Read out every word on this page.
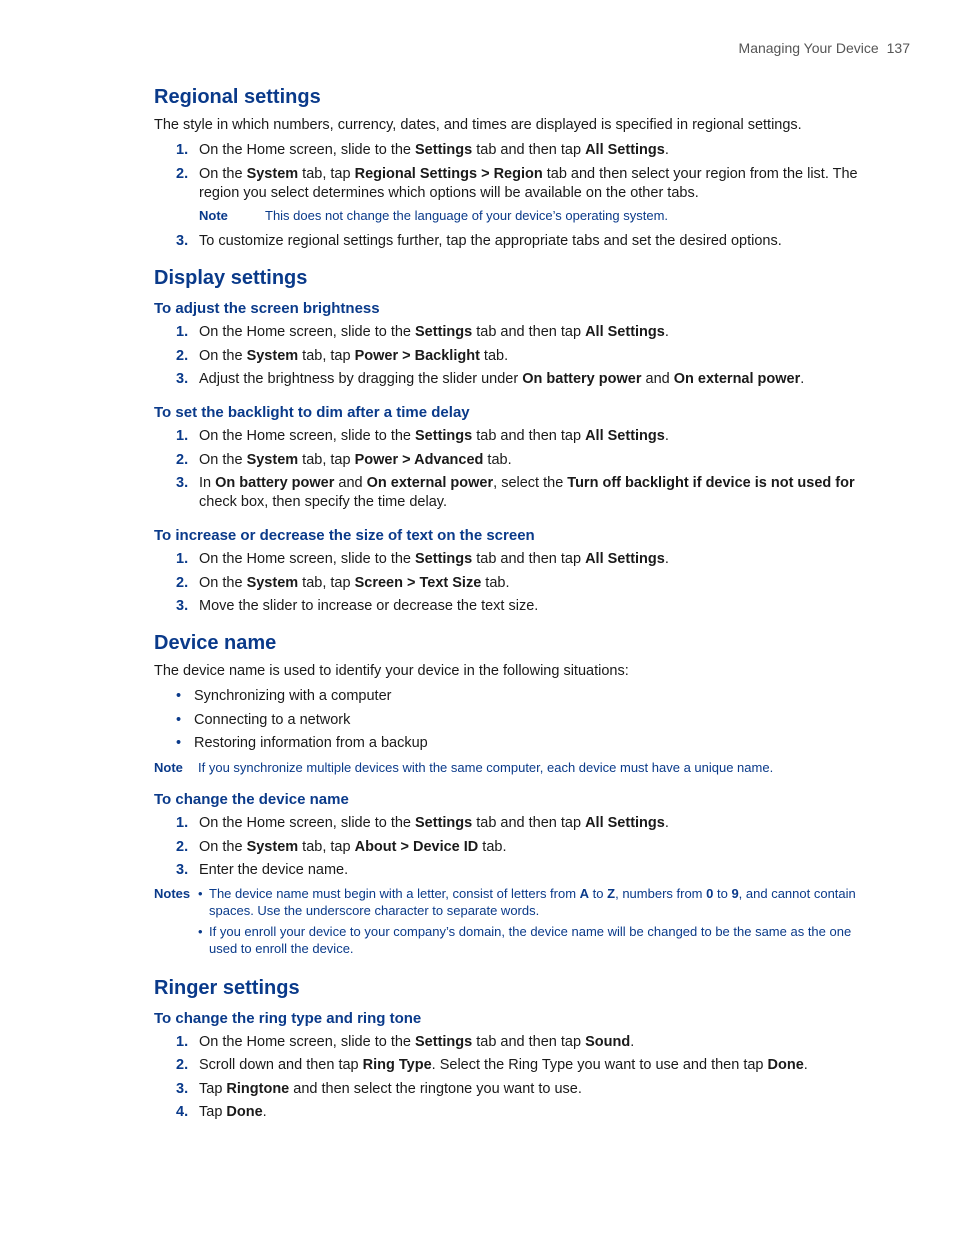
Managing Your Device 137
Regional settings

The style in which numbers, currency, dates, and times are displayed is specified in regional settings.

1. On the Home screen, slide to the Settings tab and then tap All Settings.
2. On the System tab, tap Regional Settings > Region tab and then select your region from the list. The region you select determines which options will be available on the other tabs.
Note	This does not change the language of your device’s operating system.
3. To customize regional settings further, tap the appropriate tabs and set the desired options.
Display settings
To adjust the screen brightness
1. On the Home screen, slide to the Settings tab and then tap All Settings.
2. On the System tab, tap Power > Backlight tab.
3. Adjust the brightness by dragging the slider under On battery power and On external power.
To set the backlight to dim after a time delay
1. On the Home screen, slide to the Settings tab and then tap All Settings.
2. On the System tab, tap Power > Advanced tab.
3. In On battery power and On external power, select the Turn off backlight if device is not used for check box, then specify the time delay.
To increase or decrease the size of text on the screen
1. On the Home screen, slide to the Settings tab and then tap All Settings.
2. On the System tab, tap Screen > Text Size tab.
3. Move the slider to increase or decrease the text size.
Device name

The device name is used to identify your device in the following situations:

• Synchronizing with a computer
• Connecting to a network
• Restoring information from a backup
Note	If you synchronize multiple devices with the same computer, each device must have a unique name.
To change the device name
1. On the Home screen, slide to the Settings tab and then tap All Settings.
2. On the System tab, tap About > Device ID tab.
3. Enter the device name.
Notes • The device name must begin with a letter, consist of letters from A to Z, numbers from 0 to 9, and cannot contain spaces. Use the underscore character to separate words.
• If you enroll your device to your company’s domain, the device name will be changed to be the same as the one used to enroll the device.
Ringer settings
To change the ring type and ring tone
1. On the Home screen, slide to the Settings tab and then tap Sound.
2. Scroll down and then tap Ring Type. Select the Ring Type you want to use and then tap Done.
3. Tap Ringtone and then select the ringtone you want to use.
4. Tap Done.
